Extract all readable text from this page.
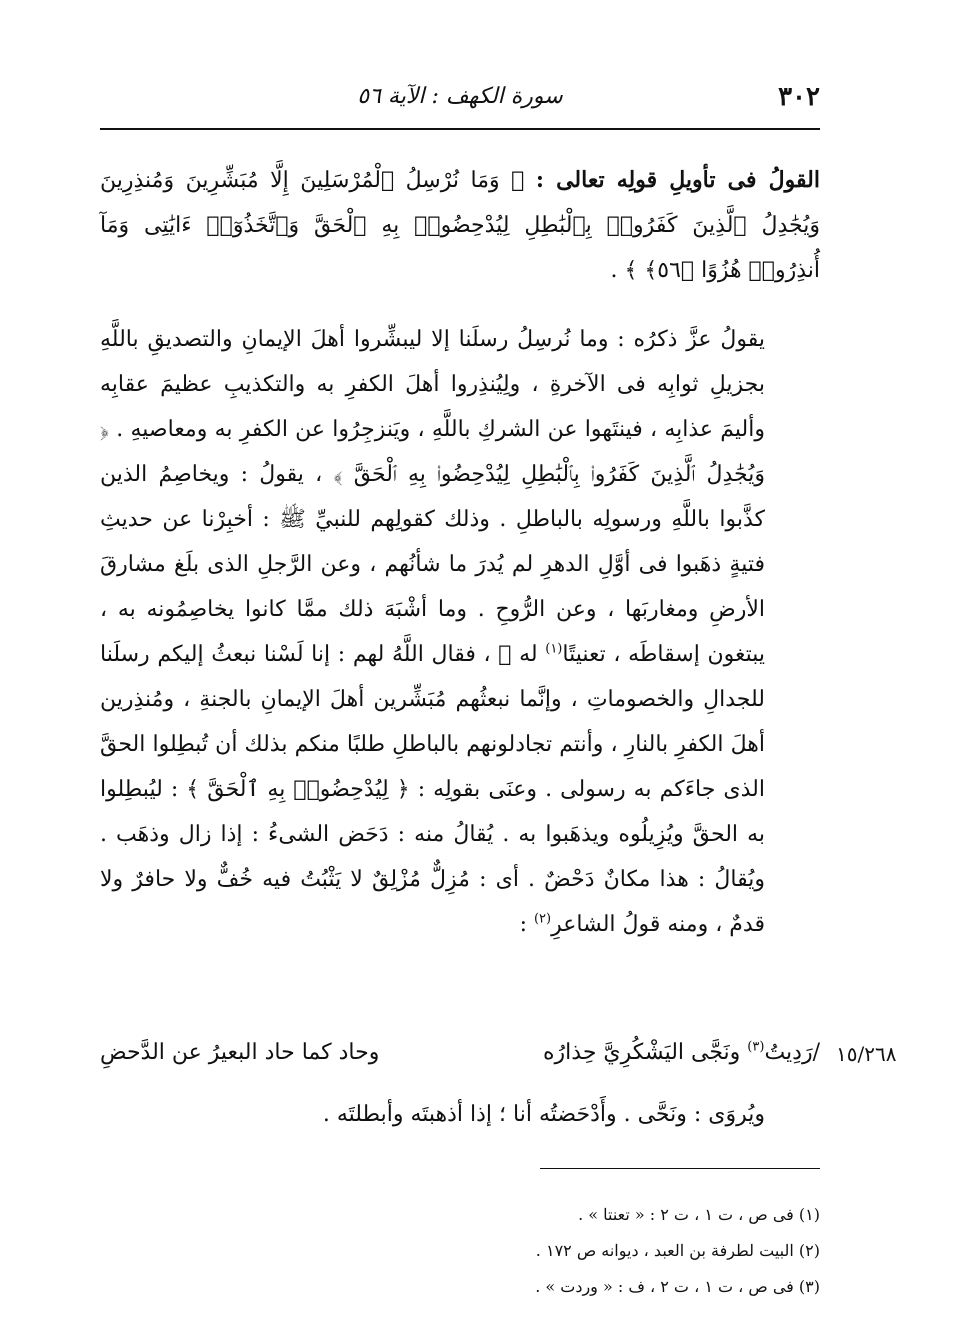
٣٠٢
سورة الكهف : الآية ٥٦

القولُ فى تأويلِ قولِه تعالى : ﴿ وَمَا نُرْسِلُ ٱلْمُرْسَلِينَ إِلَّا مُبَشِّرِينَ وَمُنذِرِينَ وَيُجَٰدِلُ ٱلَّذِينَ كَفَرُوا۟ بِٱلْبَٰطِلِ لِيُدْحِضُوا۟ بِهِ ٱلْحَقَّ وَٱتَّخَذُوٓا۟ ءَايَٰتِى وَمَآ أُنذِرُوا۟ هُزُوًا ﴿٥٦﴾ ﴾ .

يقولُ عزَّ ذكرُه : وما نُرسِلُ رسلَنا إلا ليبشِّروا أهلَ الإيمانِ والتصديقِ باللَّهِ بجزيلِ ثوابِه فى الآخرةِ ، ولِيُنذِروا أهلَ الكفرِ به والتكذيبِ عظيمَ عقابِه وأليمَ عذابِه ، فينتَهوا عن الشركِ باللَّهِ ، ويَنزجِرُوا عن الكفرِ به ومعاصيهِ . ﴿ وَيُجَٰدِلُ ٱلَّذِينَ كَفَرُوا۟ بِٱلْبَٰطِلِ لِيُدْحِضُوا۟ بِهِ ٱلْحَقَّ ﴾ ، يقولُ : ويخاصِمُ الذين كذَّبوا باللَّهِ ورسولِه بالباطلِ . وذلك كقولِهم للنبيِّ ﷺ : أخبِرْنا عن حديثِ فتيةٍ ذهَبوا فى أوَّلِ الدهرِ لم يُدرَ ما شأنُهم ، وعن الرَّجلِ الذى بلَغ مشارقَ الأرضِ ومغاربَها ، وعن الرُّوحِ . وما أشْبَهَ ذلك ممَّا كانوا يخاصِمُونه به ، يبتغون إسقاطَه ، تعنيتًا$^{(١)}$ له ﷺ ، فقال اللَّهُ لهم : إنا لَسْنا نبعثُ إليكم رسلَنا للجدالِ والخصوماتِ ، وإنَّما نبعثُهم مُبَشِّرين أهلَ الإيمانِ بالجنةِ ، ومُنذِرين أهلَ الكفرِ بالنارِ ، وأنتم تجادلونهم بالباطلِ طلبًا منكم بذلك أن تُبطِلوا الحقَّ الذى جاءَكم به رسولى . وعنَى بقولِه : ﴿ لِيُدْحِضُوا۟ بِهِ ٱلْحَقَّ ﴾ : ليُبطِلوا به الحقَّ ويُزِيلُوه ويذهَبوا به . يُقالُ منه : دَحَض الشىءُ : إذا زال وذهَب . ويُقالُ : هذا مكانٌ دَحْضٌ . أى : مُزِلٌّ مُزْلِقٌ لا يَثْبُتُ فيه خُفٌّ ولا حافرٌ ولا قدمٌ ، ومنه قولُ الشاعرِ$^{(٢)}$ :

١٥/٢٦٨
/رَدِيتُ$^{(٣)}$ ونَجَّى اليَشْكُرِيَّ حِذارُه
وحاد كما حاد البعيرُ عن الدَّحضِ

ويُروَى : ونَحَّى . وأَدْحَضتُه أنا ؛ إذا أذهبتَه وأبطلتَه .

(١) فى ص ، ت ١ ، ت ٢ : « تعنتا » .

(٢) البيت لطرفة بن العبد ، ديوانه ص ١٧٢ .

(٣) فى ص ، ت ١ ، ت ٢ ، ف : « وردت » .
